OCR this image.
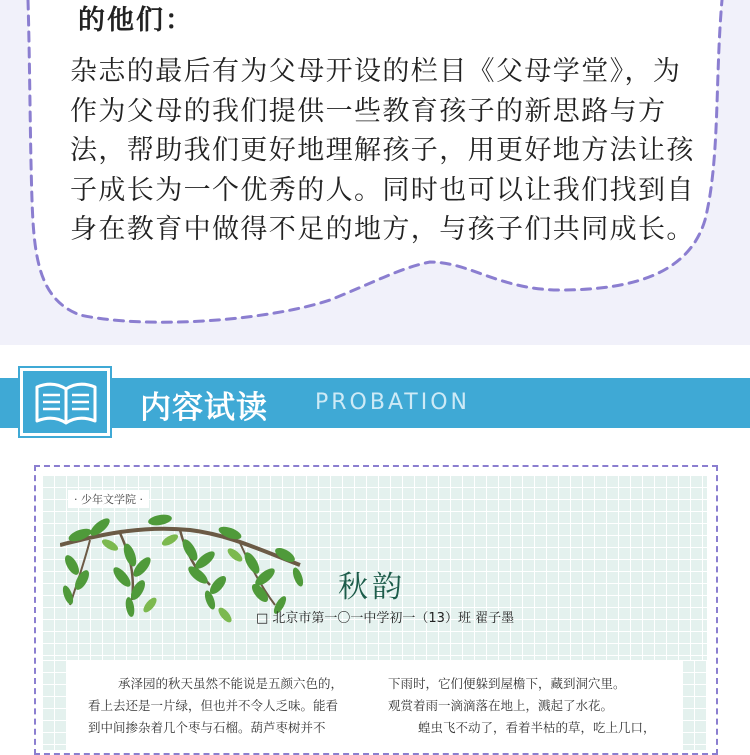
的他们：
杂志的最后有为父母开设的栏目《父母学堂》，为
作为父母的我们提供一些教育孩子的新思路与方
法，帮助我们更好地理解孩子，用更好地方法让孩
子成长为一个优秀的人。同时也可以让我们找到自
身在教育中做得不足的地方，与孩子们共同成长。
内容试读 PROBATION
· 少年文学院 ·
秋韵
□ 北京市第一〇一中学初一（13）班 翟子墨
承泽园的秋天虽然不能说是五颜六色的，
看上去还是一片绿，但也并不令人乏味。能看
到中间掺杂着几个枣与石榴。葫芦枣树并不
下雨时，它们便躲到屋檐下，藏到洞穴里。
观赏着雨一滴滴落在地上，溅起了水花。
蝗虫飞不动了，看着半枯的草，吃上几口，
